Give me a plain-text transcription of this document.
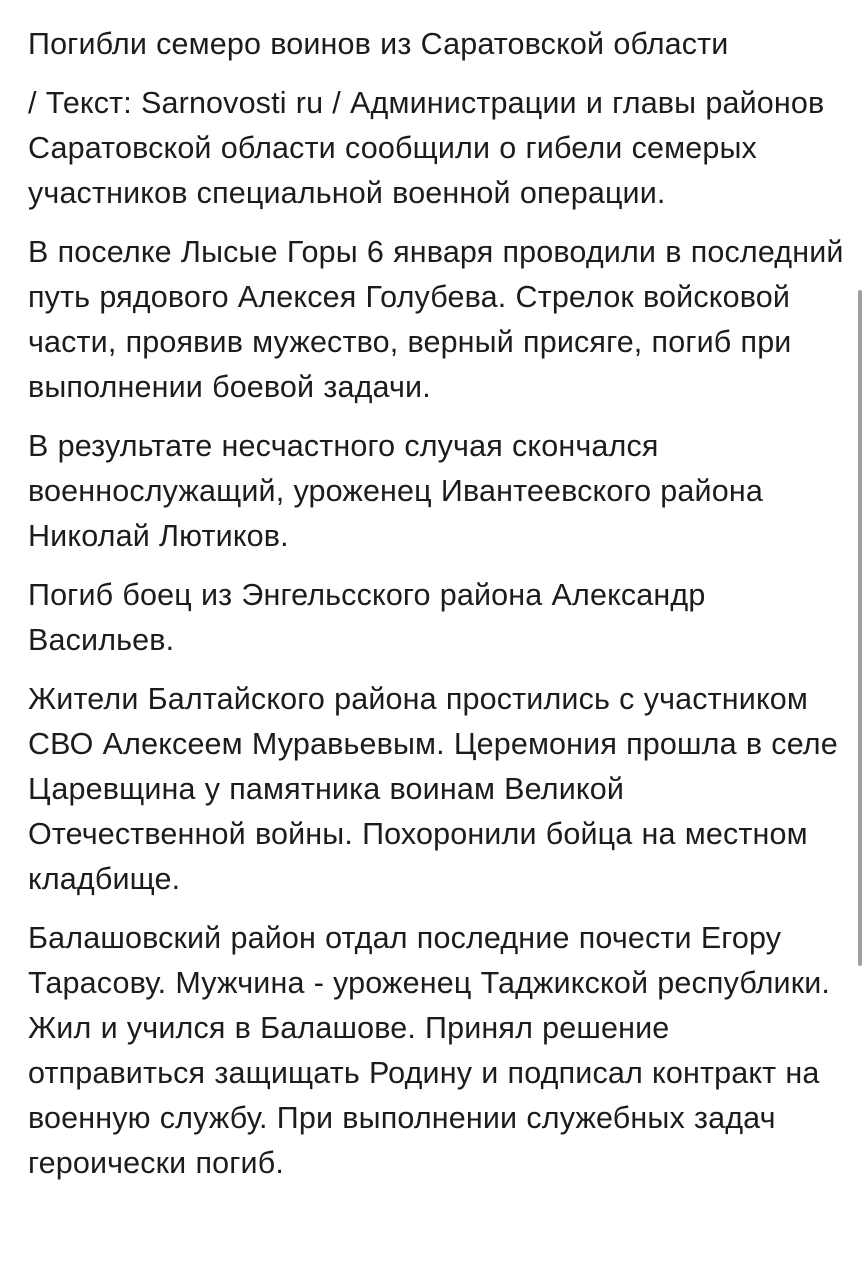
Погибли семеро воинов из Саратовской области

/ Текст: Sarnovosti ru / Администрации и главы районов Саратовской области сообщили о гибели семерых участников специальной военной операции.

В поселке Лысые Горы 6 января проводили в последний путь рядового Алексея Голубева. Стрелок войсковой части, проявив мужество, верный присяге, погиб при выполнении боевой задачи.

В результате несчастного случая скончался военнослужащий, уроженец Ивантеевского района Николай Лютиков.

Погиб боец из Энгельсского района Александр Васильев.

Жители Балтайского района простились с участником СВО Алексеем Муравьевым. Церемония прошла в селе Царевщина у памятника воинам Великой Отечественной войны. Похоронили бойца на местном кладбище.

Балашовский район отдал последние почести Егору Тарасову. Мужчина - уроженец Таджикской республики. Жил и учился в Балашове. Принял решение отправиться защищать Родину и подписал контракт на военную службу. При выполнении служебных задач героически погиб.
